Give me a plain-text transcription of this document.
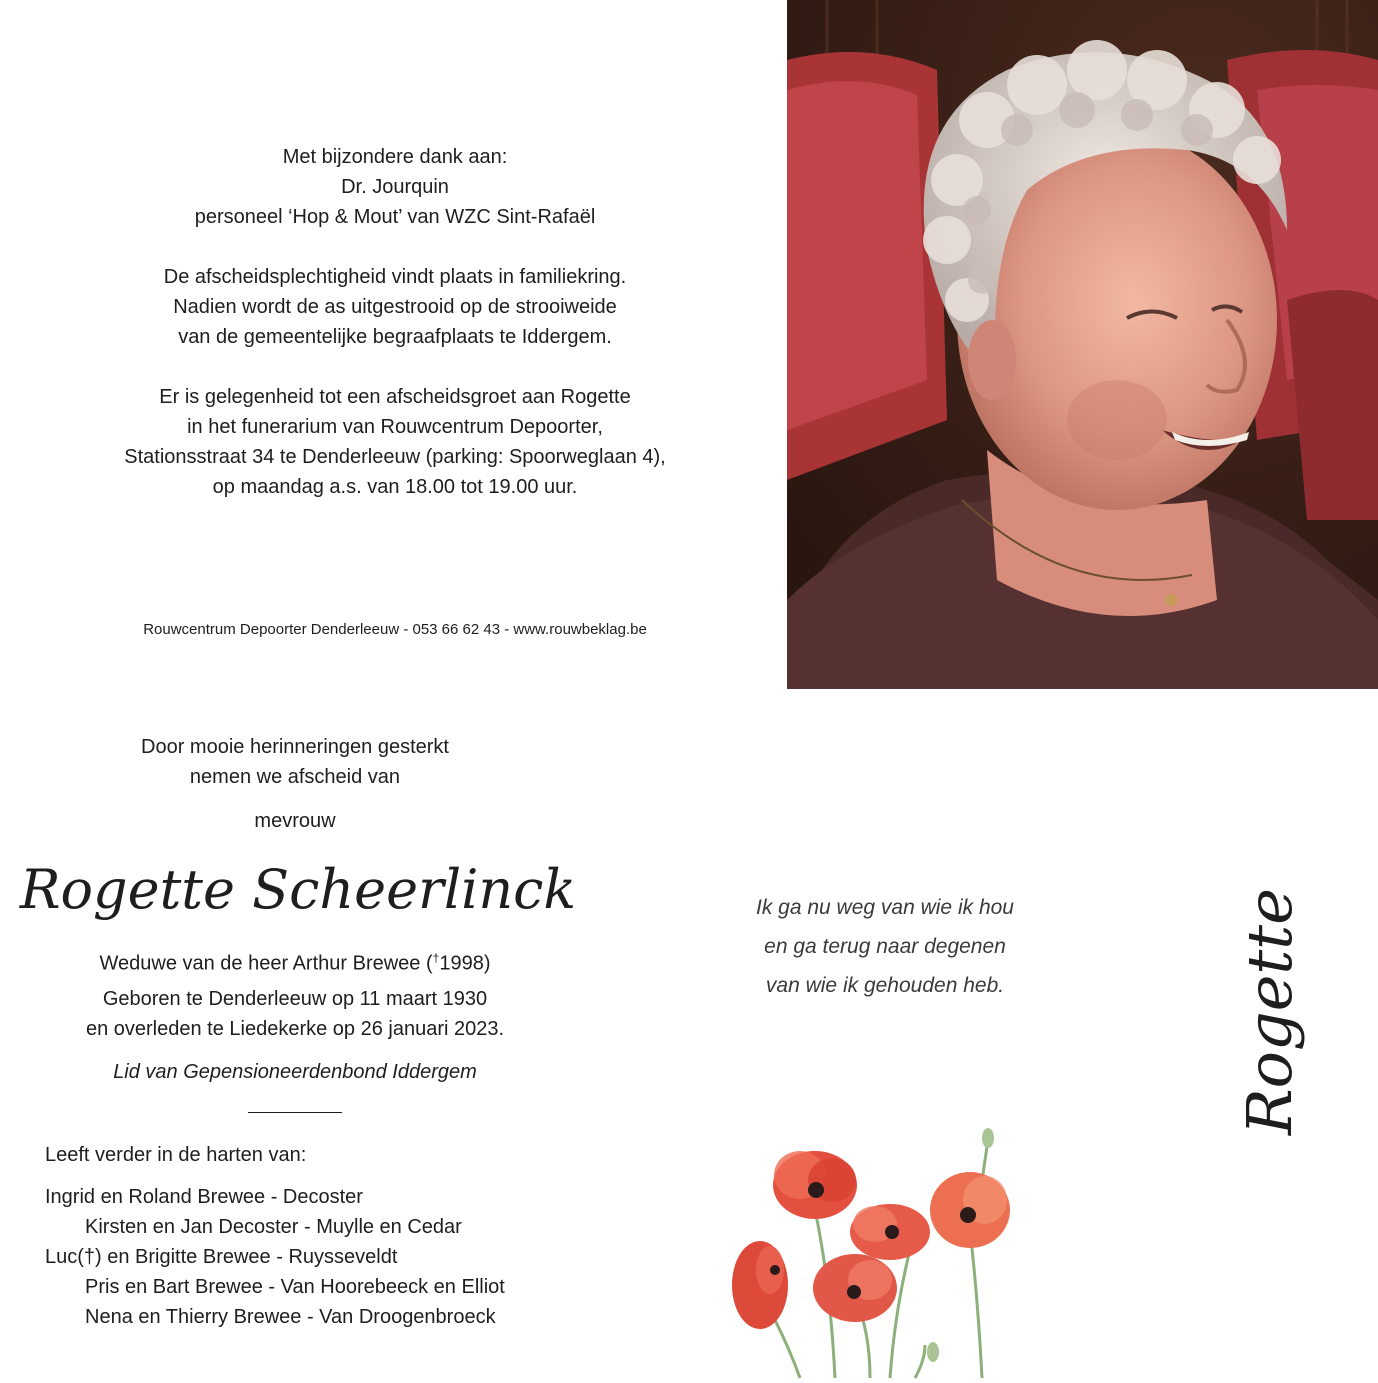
Met bijzondere dank aan:

Dr. Jourquin

personeel ‘Hop & Mout’ van WZC Sint-Rafaël

De afscheidsplechtigheid vindt plaats in familiekring.

Nadien wordt de as uitgestrooid op de strooiweide

van de gemeentelijke begraafplaats te Iddergem.

Er is gelegenheid tot een afscheidsgroet aan Rogette

in het funerarium van Rouwcentrum Depoorter,

Stationsstraat 34 te Denderleeuw (parking: Spoorweglaan 4),

op maandag a.s. van 18.00 tot 19.00 uur.

Rouwcentrum Depoorter Denderleeuw - 053 66 62 43 - www.rouwbeklag.be

Door mooie herinneringen gesterkt

nemen we afscheid van

mevrouw
Rogette Scheerlinck
Weduwe van de heer Arthur Brewee (†1998)

Geboren te Denderleeuw op 11 maart 1930

en overleden te Liedekerke op 26 januari 2023.

Lid van Gepensioneerdenbond Iddergem
Leeft verder in de harten van:
Ingrid en Roland Brewee - Decoster
Kirsten en Jan Decoster - Muylle en Cedar
Luc(†) en Brigitte Brewee - Ruysseveldt
Pris en Bart Brewee - Van Hoorebeeck en Elliot
Nena en Thierry Brewee - Van Droogenbroeck
Ik ga nu weg van wie ik hou
en ga terug naar degenen
van wie ik gehouden heb.	Rogette
